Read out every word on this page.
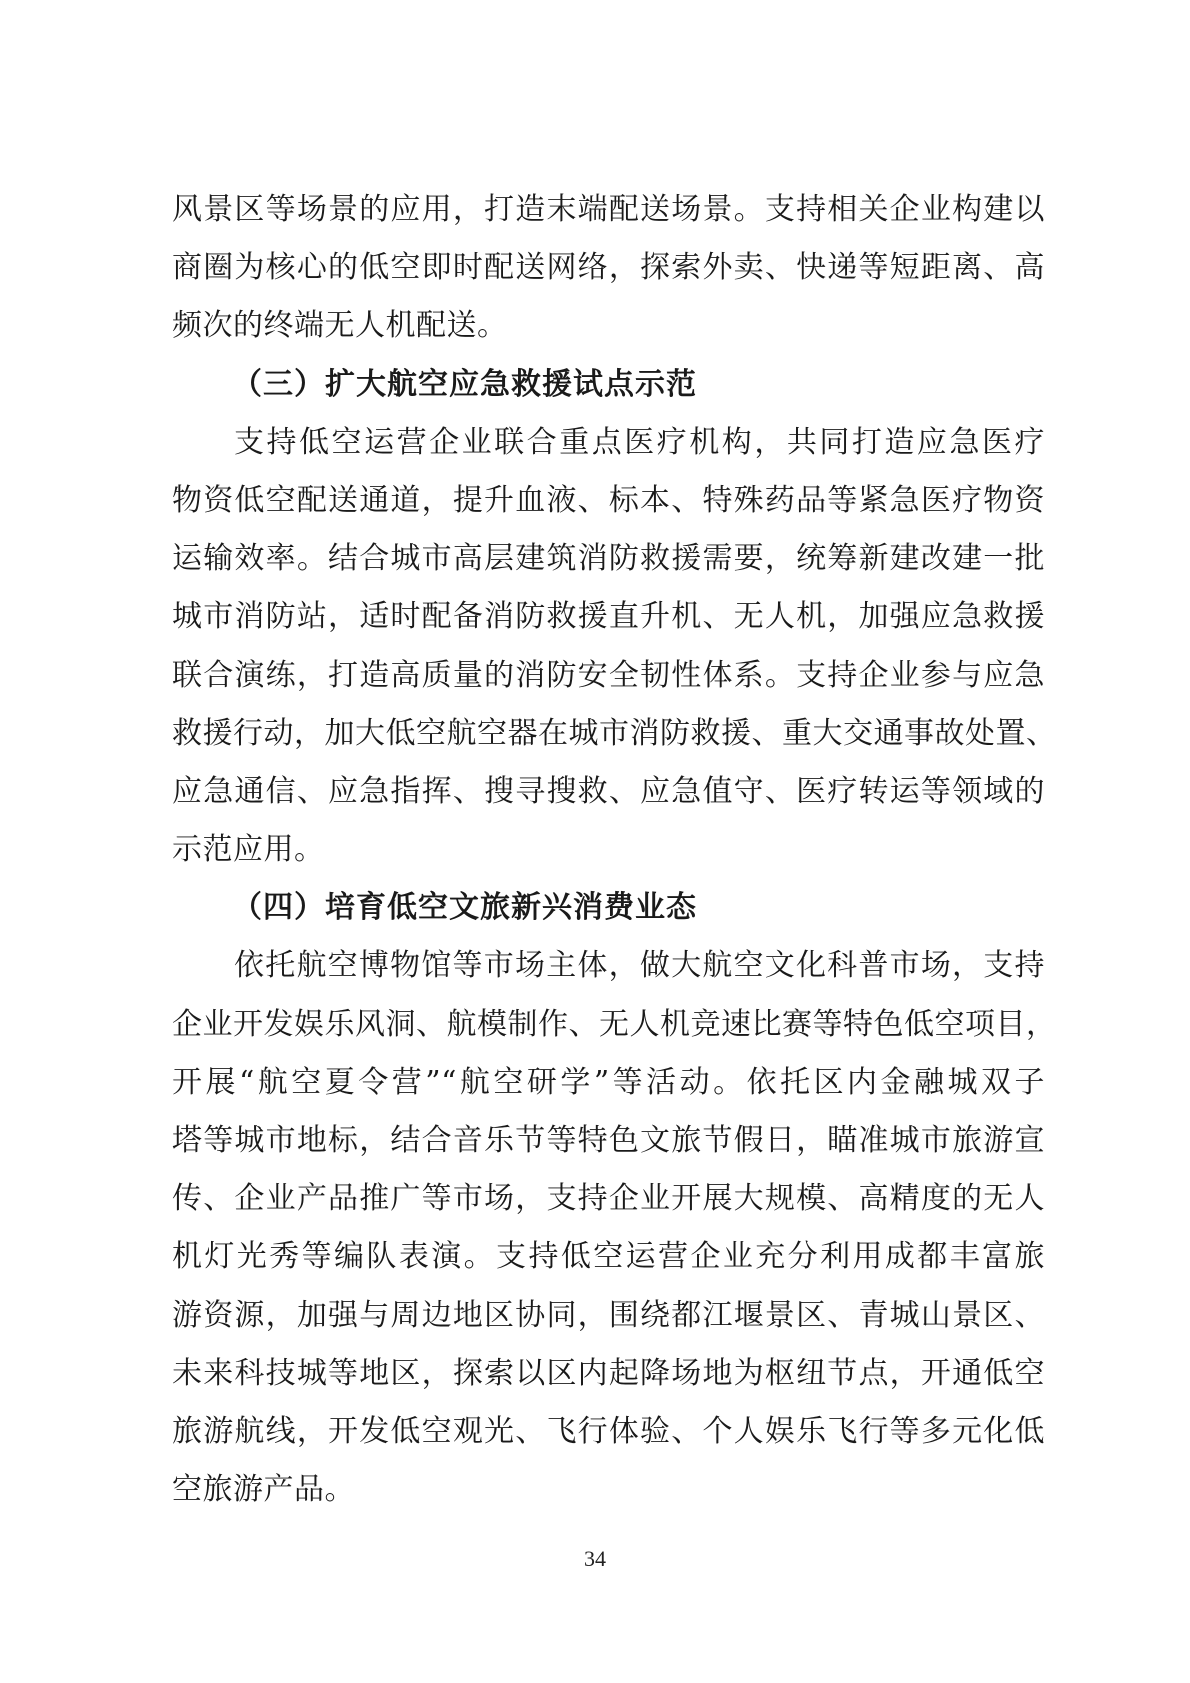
风景区等场景的应用，打造末端配送场景。支持相关企业构建以
商圈为核心的低空即时配送网络，探索外卖、快递等短距离、高
频次的终端无人机配送。
（三）扩大航空应急救援试点示范
支持低空运营企业联合重点医疗机构，共同打造应急医疗
物资低空配送通道，提升血液、标本、特殊药品等紧急医疗物资
运输效率。结合城市高层建筑消防救援需要，统筹新建改建一批
城市消防站，适时配备消防救援直升机、无人机，加强应急救援
联合演练，打造高质量的消防安全韧性体系。支持企业参与应急
救援行动，加大低空航空器在城市消防救援、重大交通事故处置、
应急通信、应急指挥、搜寻搜救、应急值守、医疗转运等领域的
示范应用。
（四）培育低空文旅新兴消费业态
依托航空博物馆等市场主体，做大航空文化科普市场，支持
企业开发娱乐风洞、航模制作、无人机竞速比赛等特色低空项目，
开展“航空夏令营”“航空研学”等活动。依托区内金融城双子
塔等城市地标，结合音乐节等特色文旅节假日，瞄准城市旅游宣
传、企业产品推广等市场，支持企业开展大规模、高精度的无人
机灯光秀等编队表演。支持低空运营企业充分利用成都丰富旅
游资源，加强与周边地区协同，围绕都江堰景区、青城山景区、
未来科技城等地区，探索以区内起降场地为枢纽节点，开通低空
旅游航线，开发低空观光、飞行体验、个人娱乐飞行等多元化低
空旅游产品。
34
